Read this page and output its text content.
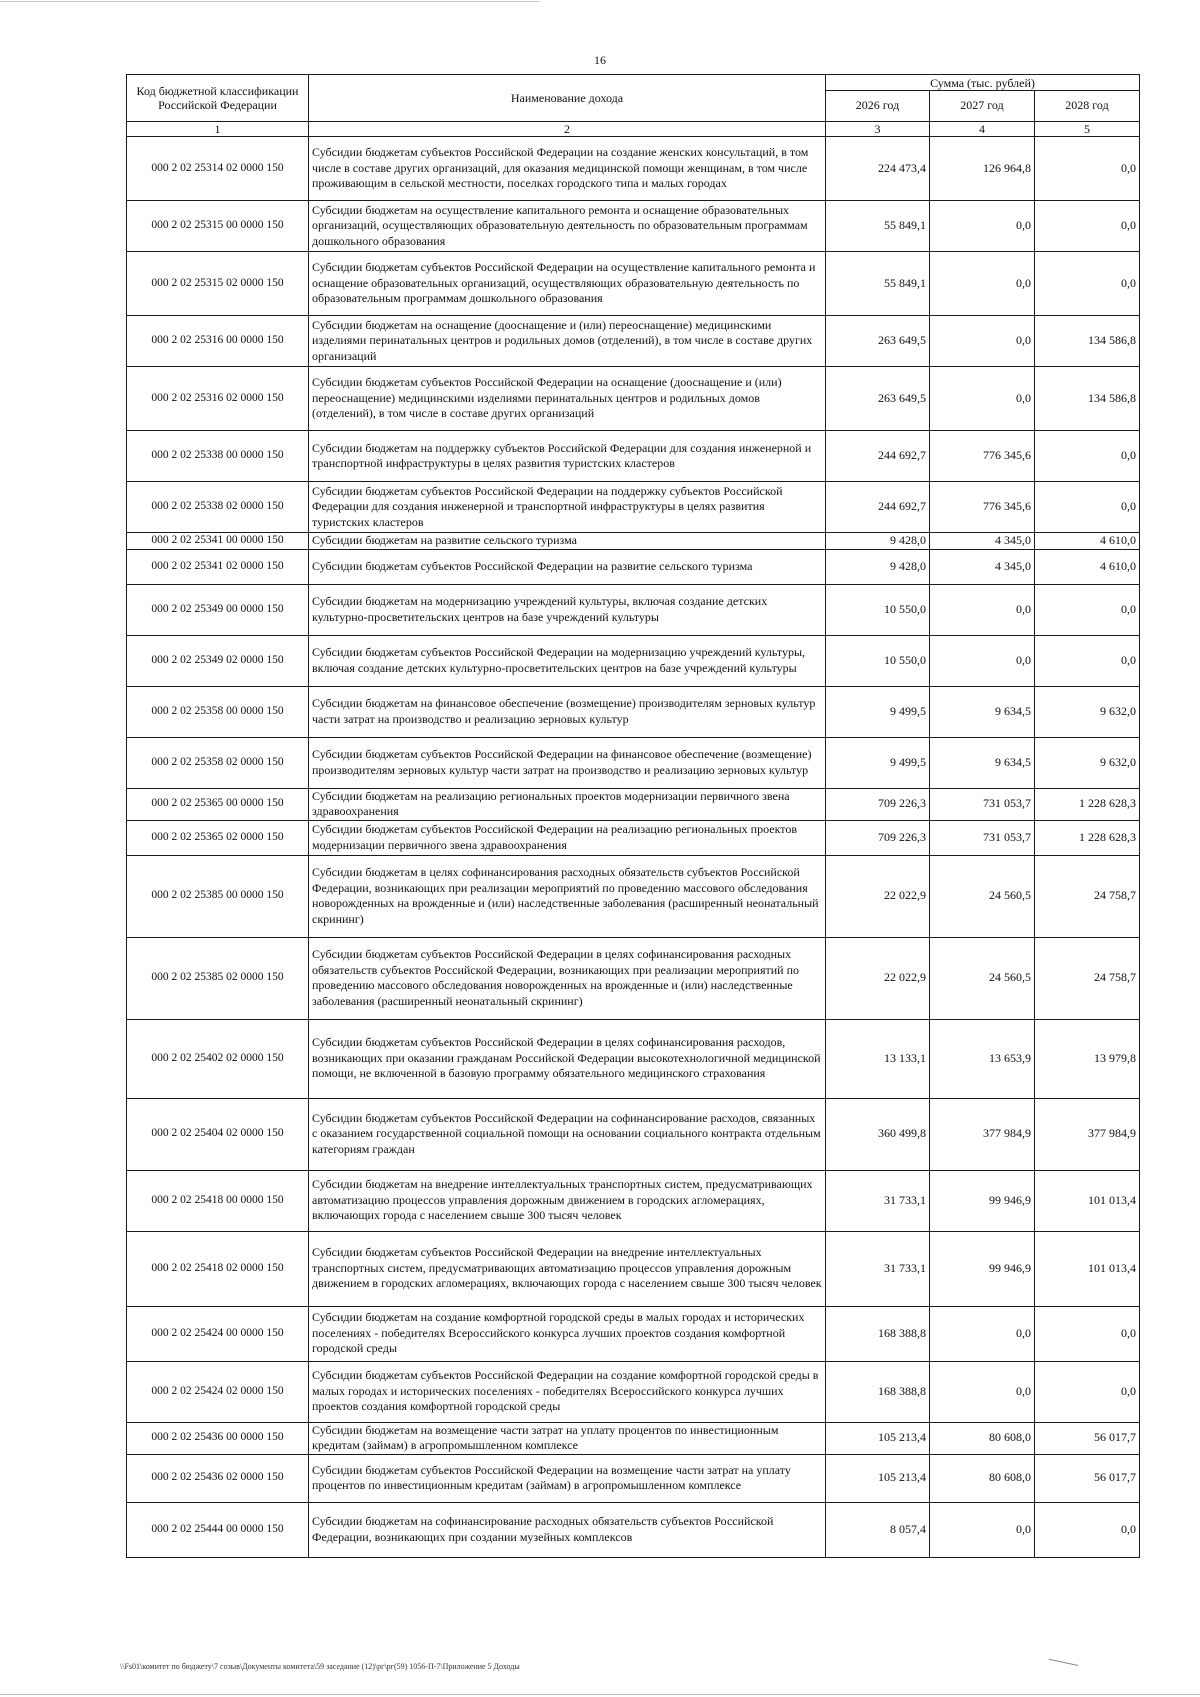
16
Код бюджетной классификации Российской Федерации	Наименование дохода	Сумма (тыс. рублей)		
		2026 год	2027 год	2028 год
1	2	3	4	5
000 2 02 25314 02 0000 150	Субсидии бюджетам субъектов Российской Федерации на создание женских консультаций, в том числе в составе других организаций, для оказания медицинской помощи женщинам, в том числе проживающим в сельской местности, поселках городского типа и малых городах	224 473,4	126 964,8	0,0
000 2 02 25315 00 0000 150	Субсидии бюджетам на осуществление капитального ремонта и оснащение образовательных организаций, осуществляющих образовательную деятельность по образовательным программам дошкольного образования	55 849,1	0,0	0,0
000 2 02 25315 02 0000 150	Субсидии бюджетам субъектов Российской Федерации на осуществление капитального ремонта и оснащение образовательных организаций, осуществляющих образовательную деятельность по образовательным программам дошкольного образования	55 849,1	0,0	0,0
000 2 02 25316 00 0000 150	Субсидии бюджетам на оснащение (дооснащение и (или) переоснащение) медицинскими изделиями перинатальных центров и родильных домов (отделений), в том числе в составе других организаций	263 649,5	0,0	134 586,8
000 2 02 25316 02 0000 150	Субсидии бюджетам субъектов Российской Федерации на оснащение (дооснащение и (или) переоснащение) медицинскими изделиями перинатальных центров и родильных домов (отделений), в том числе в составе других организаций	263 649,5	0,0	134 586,8
000 2 02 25338 00 0000 150	Субсидии бюджетам на поддержку субъектов Российской Федерации для создания инженерной и транспортной инфраструктуры в целях развития туристских кластеров	244 692,7	776 345,6	0,0
000 2 02 25338 02 0000 150	Субсидии бюджетам субъектов Российской Федерации на поддержку субъектов Российской Федерации для создания инженерной и транспортной инфраструктуры в целях развития туристских кластеров	244 692,7	776 345,6	0,0
000 2 02 25341 00 0000 150	Субсидии бюджетам на развитие сельского туризма	9 428,0	4 345,0	4 610,0
000 2 02 25341 02 0000 150	Субсидии бюджетам субъектов Российской Федерации на развитие сельского туризма	9 428,0	4 345,0	4 610,0
000 2 02 25349 00 0000 150	Субсидии бюджетам на модернизацию учреждений культуры, включая создание детских культурно-просветительских центров на базе учреждений культуры	10 550,0	0,0	0,0
000 2 02 25349 02 0000 150	Субсидии бюджетам субъектов Российской Федерации на модернизацию учреждений культуры, включая создание детских культурно-просветительских центров на базе учреждений культуры	10 550,0	0,0	0,0
000 2 02 25358 00 0000 150	Субсидии бюджетам на финансовое обеспечение (возмещение) производителям зерновых культур части затрат на производство и реализацию зерновых культур	9 499,5	9 634,5	9 632,0
000 2 02 25358 02 0000 150	Субсидии бюджетам субъектов Российской Федерации на финансовое обеспечение (возмещение) производителям зерновых культур части затрат на производство и реализацию зерновых культур	9 499,5	9 634,5	9 632,0
000 2 02 25365 00 0000 150	Субсидии бюджетам на реализацию региональных проектов модернизации первичного звена здравоохранения	709 226,3	731 053,7	1 228 628,3
000 2 02 25365 02 0000 150	Субсидии бюджетам субъектов Российской Федерации на реализацию региональных проектов модернизации первичного звена здравоохранения	709 226,3	731 053,7	1 228 628,3
000 2 02 25385 00 0000 150	Субсидии бюджетам в целях софинансирования расходных обязательств субъектов Российской Федерации, возникающих при реализации мероприятий по проведению массового обследования новорожденных на врожденные и (или) наследственные заболевания (расширенный неонатальный скрининг)	22 022,9	24 560,5	24 758,7
000 2 02 25385 02 0000 150	Субсидии бюджетам субъектов Российской Федерации в целях софинансирования расходных обязательств субъектов Российской Федерации, возникающих при реализации мероприятий по проведению массового обследования новорожденных на врожденные и (или) наследственные заболевания (расширенный неонатальный скрининг)	22 022,9	24 560,5	24 758,7
000 2 02 25402 02 0000 150	Субсидии бюджетам субъектов Российской Федерации в целях софинансирования расходов, возникающих при оказании гражданам Российской Федерации высокотехнологичной медицинской помощи, не включенной в базовую программу обязательного медицинского страхования	13 133,1	13 653,9	13 979,8
000 2 02 25404 02 0000 150	Субсидии бюджетам субъектов Российской Федерации на софинансирование расходов, связанных с оказанием государственной социальной помощи на основании социального контракта отдельным категориям граждан	360 499,8	377 984,9	377 984,9
000 2 02 25418 00 0000 150	Субсидии бюджетам на внедрение интеллектуальных транспортных систем, предусматривающих автоматизацию процессов управления дорожным движением в городских агломерациях, включающих города с населением свыше 300 тысяч человек	31 733,1	99 946,9	101 013,4
000 2 02 25418 02 0000 150	Субсидии бюджетам субъектов Российской Федерации на внедрение интеллектуальных транспортных систем, предусматривающих автоматизацию процессов управления дорожным движением в городских агломерациях, включающих города с населением свыше 300 тысяч человек	31 733,1	99 946,9	101 013,4
000 2 02 25424 00 0000 150	Субсидии бюджетам на создание комфортной городской среды в малых городах и исторических поселениях - победителях Всероссийского конкурса лучших проектов создания комфортной городской среды	168 388,8	0,0	0,0
000 2 02 25424 02 0000 150	Субсидии бюджетам субъектов Российской Федерации на создание комфортной городской среды в малых городах и исторических поселениях - победителях Всероссийского конкурса лучших проектов создания комфортной городской среды	168 388,8	0,0	0,0
000 2 02 25436 00 0000 150	Субсидии бюджетам на возмещение части затрат на уплату процентов по инвестиционным кредитам (займам) в агропромышленном комплексе	105 213,4	80 608,0	56 017,7
000 2 02 25436 02 0000 150	Субсидии бюджетам субъектов Российской Федерации на возмещение части затрат на уплату процентов по инвестиционным кредитам (займам) в агропромышленном комплексе	105 213,4	80 608,0	56 017,7
000 2 02 25444 00 0000 150	Субсидии бюджетам на софинансирование расходных обязательств субъектов Российской Федерации, возникающих при создании музейных комплексов	8 057,4	0,0	0,0
\\Fs01\комитет по бюджету\7 созыв\Документы комитета\59 заседание (12)\рг\рг(59) 1056-П-7\Приложение 5 Доходы
